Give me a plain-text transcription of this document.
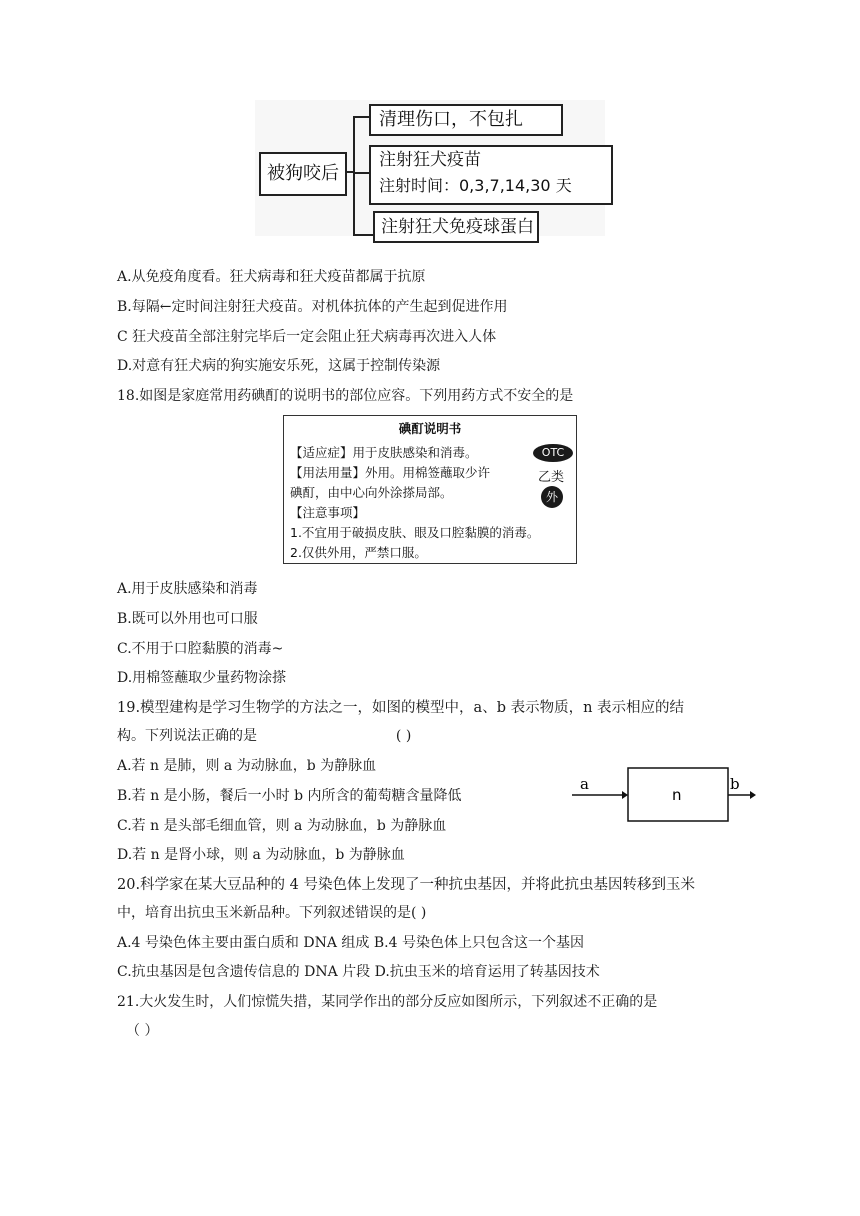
被狗咬后
清理伤口，不包扎
注射狂犬疫苗
注射时间：0,3,7,14,30 天
注射狂犬免疫球蛋白
A.从免疫角度看。狂犬病毒和狂犬疫苗都属于抗原
B.每隔←定时间注射狂犬疫苗。对机体抗体的产生起到促进作用
C 狂犬疫苗全部注射完毕后一定会阻止狂犬病毒再次进入人体
D.对意有狂犬病的狗实施安乐死，这属于控制传染源
18.如图是家庭常用药碘酊的说明书的部位应容。下列用药方式不安全的是
碘酊说明书
【适应症】用于皮肤感染和消毒。
【用法用量】外用。用棉签蘸取少许
碘酊，由中心向外涂搽局部。
【注意事项】
1.不宜用于破损皮肤、眼及口腔黏膜的消毒。
2.仅供外用，严禁口服。
OTC
乙类
外
A.用于皮肤感染和消毒
B.既可以外用也可口服
C.不用于口腔黏膜的消毒~
D.用棉签蘸取少量药物涂搽
19.模型建构是学习生物学的方法之一，如图的模型中，a、b 表示物质，n 表示相应的结
构。下列说法正确的是	( )
A.若 n 是肺，则 a 为动脉血，b 为静脉血
B.若 n 是小肠，餐后一小时 b 内所含的葡萄糖含量降低
C.若 n 是头部毛细血管，则 a 为动脉血，b 为静脉血
D.若 n 是肾小球，则 a 为动脉血，b 为静脉血
a
n
b
20.科学家在某大豆品种的 4 号染色体上发现了一种抗虫基因，并将此抗虫基因转移到玉米
中，培育出抗虫玉米新品种。下列叙述错误的是( )
A.4 号染色体主要由蛋白质和 DNA 组成 B.4 号染色体上只包含这一个基因
C.抗虫基因是包含遗传信息的 DNA 片段 D.抗虫玉米的培育运用了转基因技术
21.大火发生时，人们惊慌失措，某同学作出的部分反应如图所示，下列叙述不正确的是
（ ）
